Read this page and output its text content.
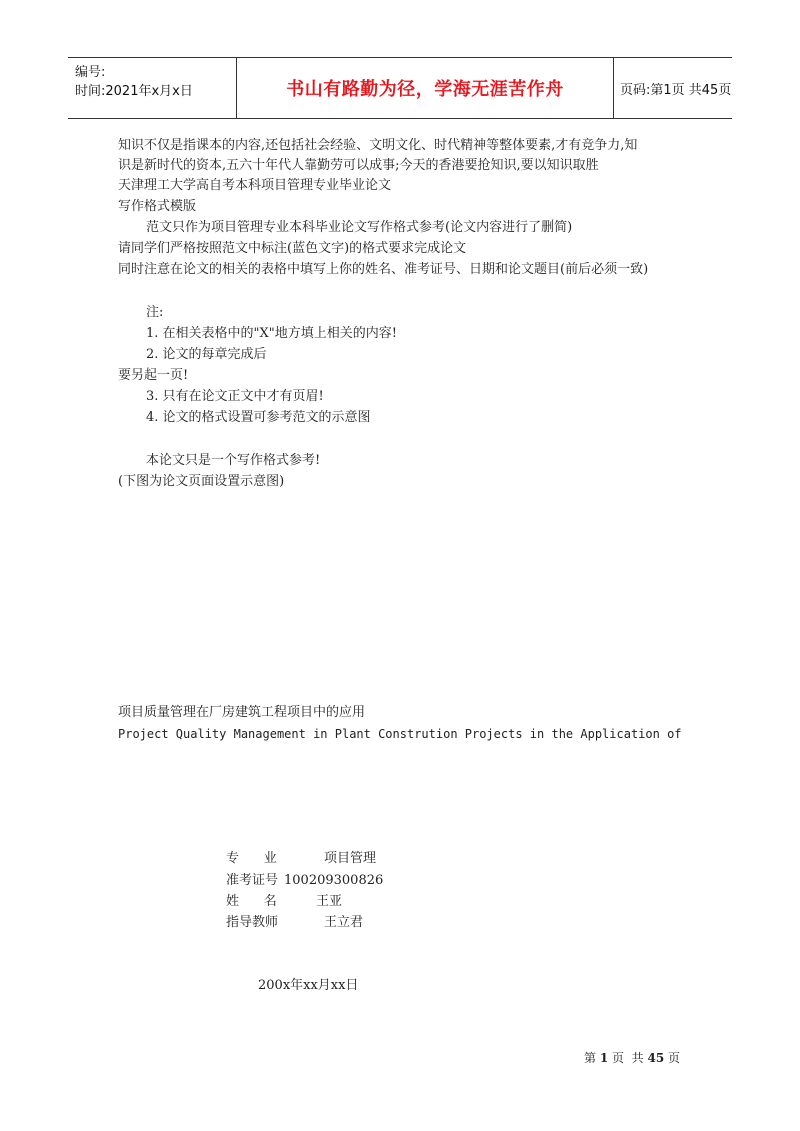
编号:
时间:2021年x月x日	书山有路勤为径，学海无涯苦作舟	页码:第1页 共45页
知识不仅是指课本的内容,还包括社会经验、文明文化、时代精神等整体要素,才有竞争力,知
识是新时代的资本,五六十年代人靠勤劳可以成事;今天的香港要抢知识,要以知识取胜
天津理工大学高自考本科项目管理专业毕业论文
写作格式模版
范文只作为项目管理专业本科毕业论文写作格式参考(论文内容进行了删简)
请同学们严格按照范文中标注(蓝色文字)的格式要求完成论文
同时注意在论文的相关的表格中填写上你的姓名、准考证号、日期和论文题目(前后必须一致)
注:
1. 在相关表格中的"X"地方填上相关的内容!
2. 论文的每章完成后
要另起一页!
3. 只有在论文正文中才有页眉!
4. 论文的格式设置可参考范文的示意图
本论文只是一个写作格式参考!
(下图为论文页面设置示意图)
项目质量管理在厂房建筑工程项目中的应用
Project Quality Management in Plant Constrution Projects in the Application of
专      业	项目管理
准考证号 100209300826
姓      名	王亚
指导教师	王立君
200x年xx月xx日
第 1 页  共 45 页
